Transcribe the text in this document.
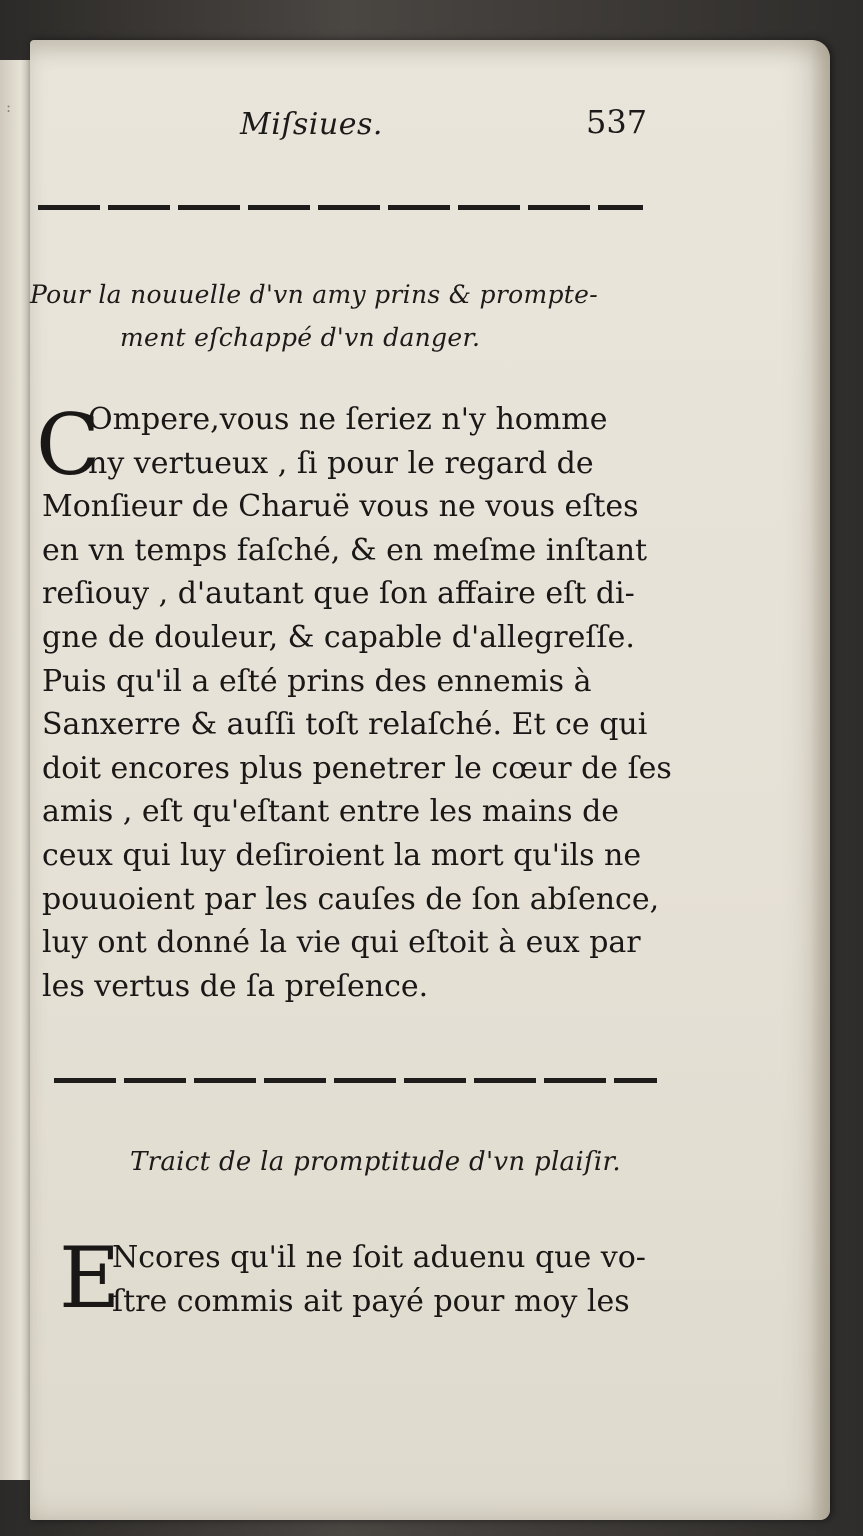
:	Miſsiues.	537
Pour la nouuelle d'vn amy prins & prompte-
ment eſchappé d'vn danger.
C
Ompere,vous ne ſeriez n'y homme
ny vertueux , ſi pour le regard de
Monſieur de Charuë vous ne vous eſtes
en vn temps faſché, & en meſme inſtant
reſiouy , d'autant que ſon affaire eſt di-
gne de douleur, & capable d'allegreſſe.
Puis qu'il a eſté prins des ennemis à
Sanxerre & auſſi toſt relaſché. Et ce qui
doit encores plus penetrer le cœur de ſes
amis , eſt qu'eſtant entre les mains de
ceux qui luy deſiroient la mort qu'ils ne
pouuoient par les cauſes de ſon abſence,
luy ont donné la vie qui eſtoit à eux par
les vertus de ſa preſence.
Traict de la promptitude d'vn plaiſir.
E
Ncores qu'il ne ſoit aduenu que vo-
ſtre commis ait payé pour moy les
